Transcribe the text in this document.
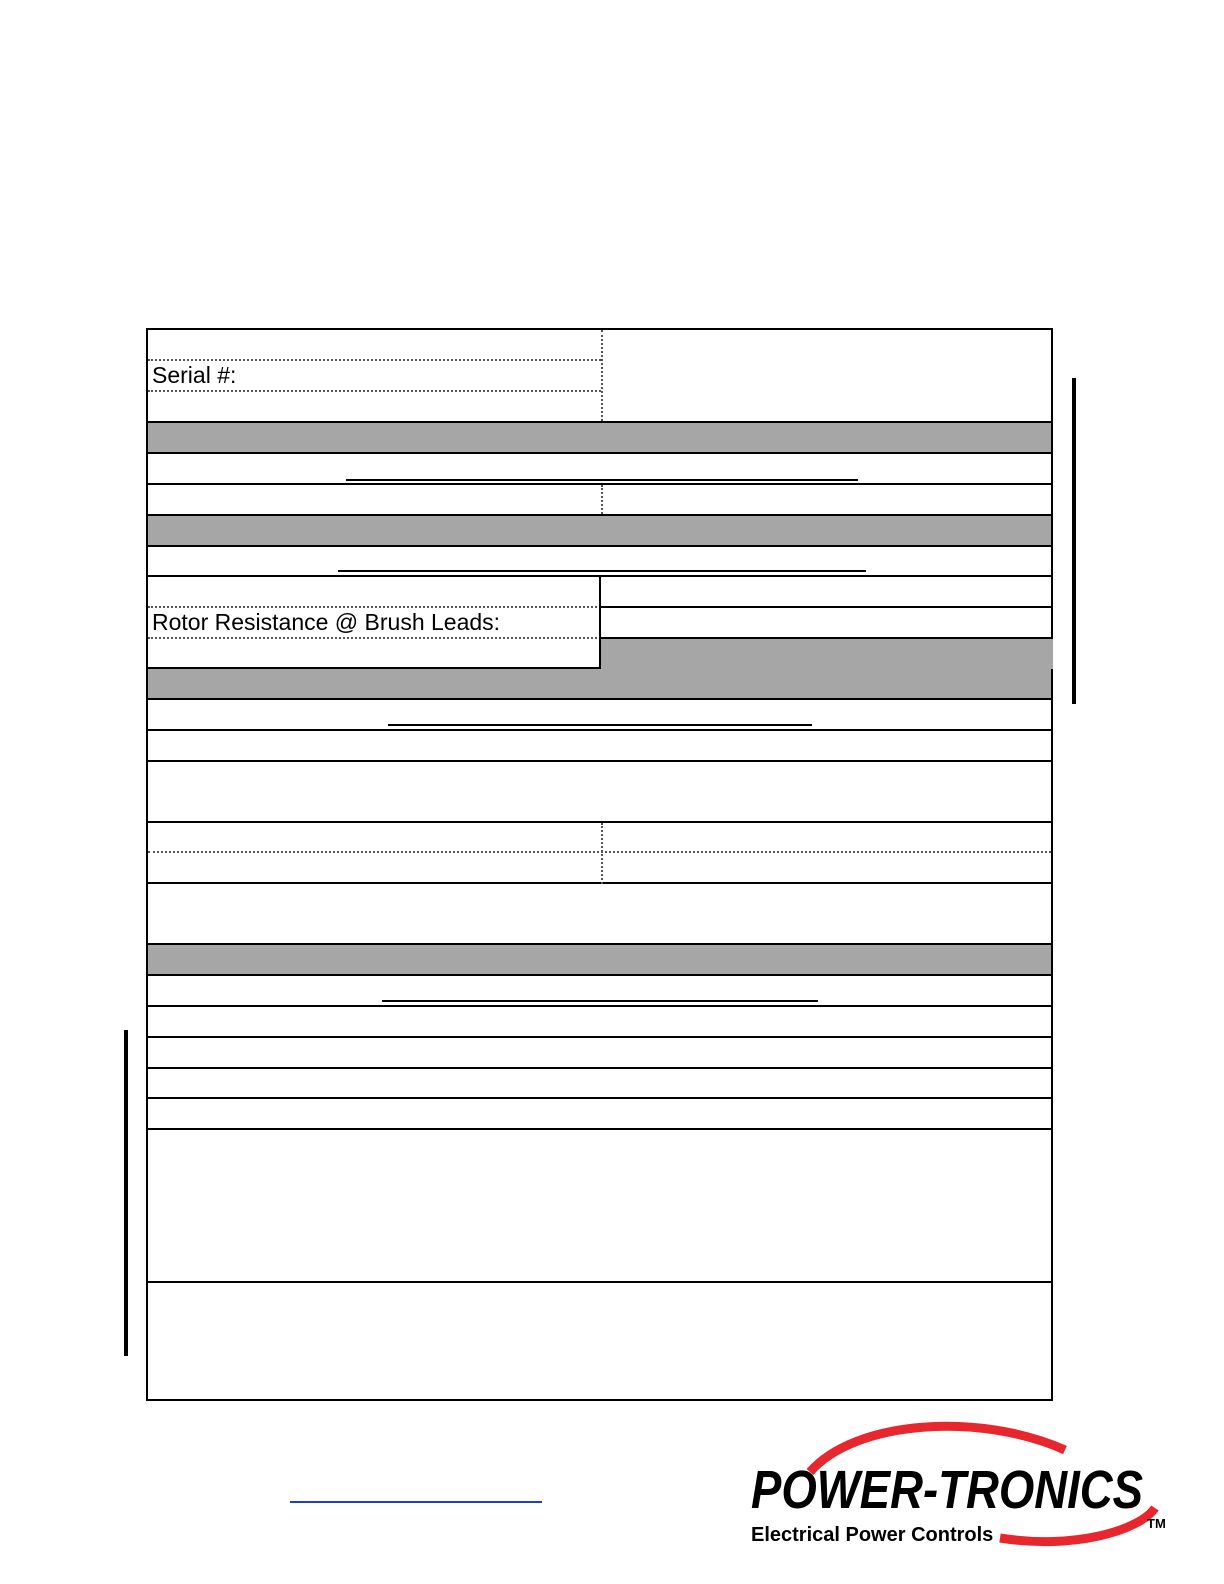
Serial #:
Rotor Resistance @ Brush Leads:
POWER-TRONICS
Electrical Power Controls
TM
